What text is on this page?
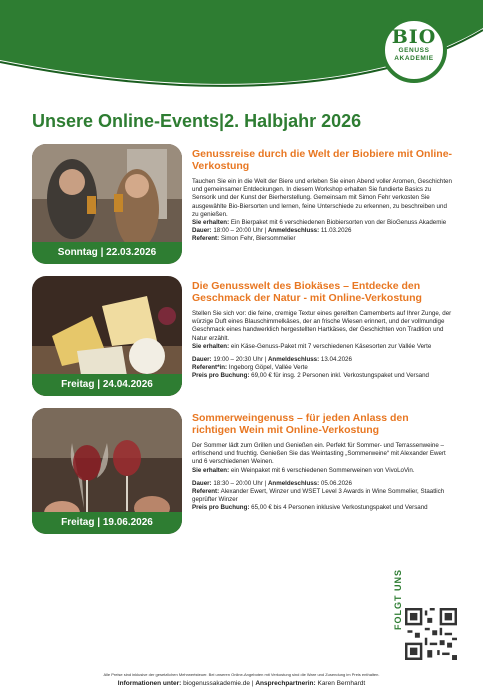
BIO
GENUSS
AKADEMIE
Unsere Online-Events|2. Halbjahr 2026
Sonntag | 22.03.2026
Genussreise durch die Welt der Biobiere mit Online-Verkostung

Tauchen Sie ein in die Welt der Biere und erleben Sie einen Abend voller Aromen, Geschichten und gemeinsamer Entdeckungen. In diesem Workshop erhalten Sie fundierte Basics zu Sensorik und der Kunst der Bierherstellung. Gemeinsam mit Simon Fehr verkosten Sie ausgewählte Bio-Biersorten und lernen, feine Unterschiede zu erkennen, zu beschreiben und zu genießen.

Sie erhalten: Ein Bierpaket mit 6 verschiedenen Biobiersorten von der BioGenuss Akademie

Dauer: 18:00 – 20:00 Uhr | Anmeldeschluss: 11.03.2026

Referent: Simon Fehr, Biersommelier

Freitag | 24.04.2026
Die Genusswelt des Biokäses – Entdecke den Geschmack der Natur - mit Online-Verkostung

Stellen Sie sich vor: die feine, cremige Textur eines gereiften Camemberts auf Ihrer Zunge, der würzige Duft eines Blauschimmelkäses, der an frische Wiesen erinnert, und der vollmundige Geschmack eines handwerklich hergestellten Hartkäses, der Geschichten von Tradition und Natur erzählt.

Sie erhalten: ein Käse-Genuss-Paket mit 7 verschiedenen Käsesorten zur Vallée Verte

Dauer: 19:00 – 20:30 Uhr | Anmeldeschluss: 13.04.2026

Referent*in: Ingeborg Göpel, Vallée Verte

Preis pro Buchung: 69,00 € für insg. 2 Personen inkl. Verkostungspaket und Versand

Freitag | 19.06.2026
Sommerweingenuss – für jeden Anlass den richtigen Wein mit Online-Verkostung

Der Sommer lädt zum Grillen und Genießen ein. Perfekt für Sommer- und Terrassenweine – erfrischend und fruchtig. Genießen Sie das Weintasting „Sommerweine“ mit Alexander Ewert und 6 verschiedenen Weinen.

Sie erhalten: ein Weinpaket mit 6 verschiedenen Sommerweinen von VivoLoVin.

Dauer: 18:30 – 20:00 Uhr | Anmeldeschluss: 05.06.2026

Referent: Alexander Ewert, Winzer und WSET Level 3 Awards in Wine Sommelier, Staatlich geprüfter Winzer

Preis pro Buchung: 65,00 € bis 4 Personen inklusive Verkostungspaket und Versand

FOLGT UNS
Alle Preise sind inklusive der gesetzlichen Mehrwertsteuer. Bei unseren Online-Angeboten mit Verkostung sind die Ware und Zusendung im Preis enthalten.
Informationen unter: biogenussakademie.de | Ansprechpartnerin: Karen Bernhardt
